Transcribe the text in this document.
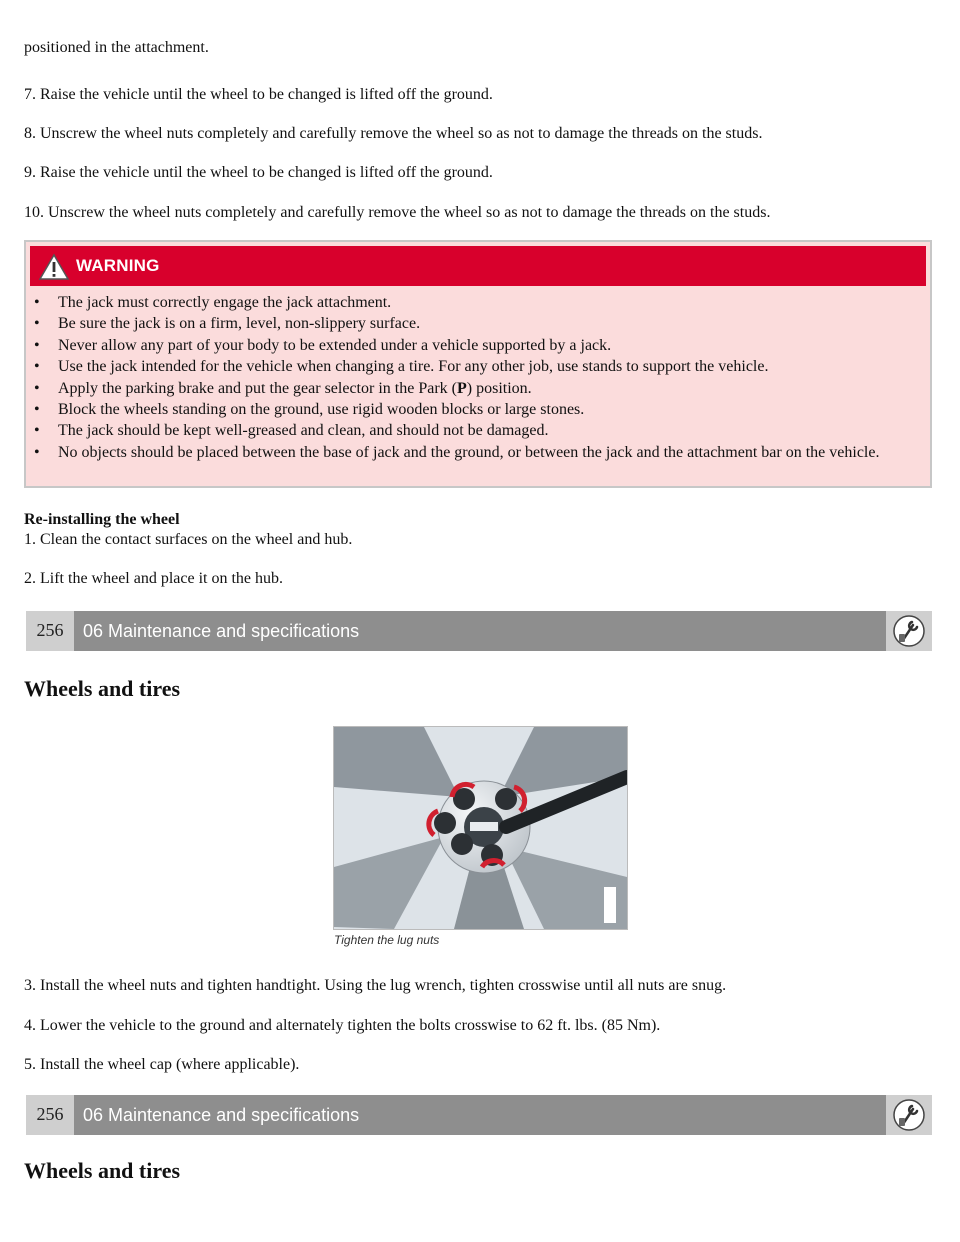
positioned in the attachment.

7. Raise the vehicle until the wheel to be changed is lifted off the ground.

8. Unscrew the wheel nuts completely and carefully remove the wheel so as not to damage the threads on the studs.

9. Raise the vehicle until the wheel to be changed is lifted off the ground.

10. Unscrew the wheel nuts completely and carefully remove the wheel so as not to damage the threads on the studs.

WARNING
• The jack must correctly engage the jack attachment.
• Be sure the jack is on a firm, level, non-slippery surface.
• Never allow any part of your body to be extended under a vehicle supported by a jack.
• Use the jack intended for the vehicle when changing a tire. For any other job, use stands to support the vehicle.
• Apply the parking brake and put the gear selector in the Park (P) position.
• Block the wheels standing on the ground, use rigid wooden blocks or large stones.
• The jack should be kept well-greased and clean, and should not be damaged.
• No objects should be placed between the base of jack and the ground, or between the jack and the attachment bar on the vehicle.

Re-installing the wheel

1. Clean the contact surfaces on the wheel and hub.

2. Lift the wheel and place it on the hub.

256	06 Maintenance and specifications
Wheels and tires
Tighten the lug nuts

3. Install the wheel nuts and tighten handtight. Using the lug wrench, tighten crosswise until all nuts are snug.

4. Lower the vehicle to the ground and alternately tighten the bolts crosswise to 62 ft. lbs. (85 Nm).

5. Install the wheel cap (where applicable).

256	06 Maintenance and specifications
Wheels and tires
